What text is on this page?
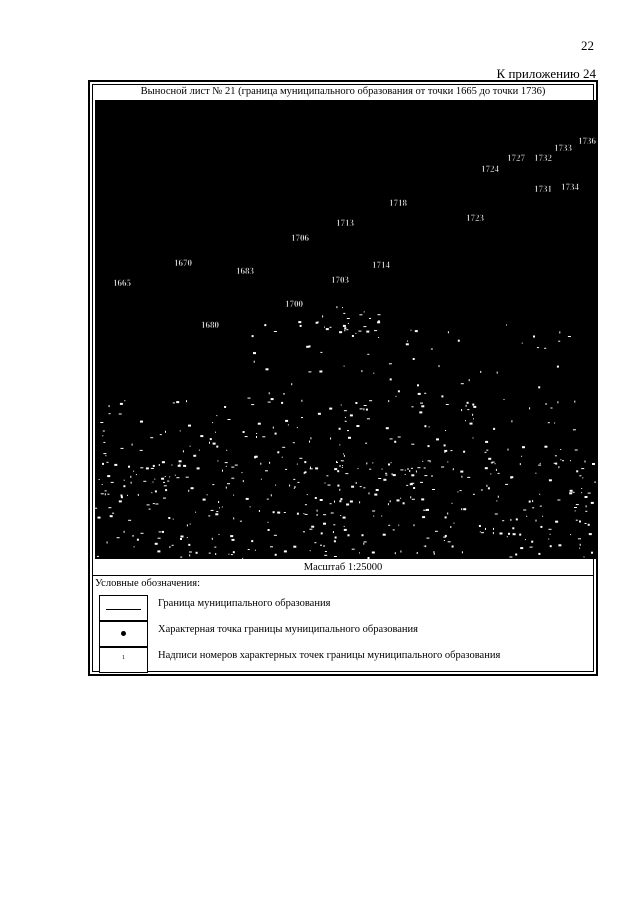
22
К приложению 24
Выносной лист № 21 (граница муниципального образования от точки 1665 до точки 1736)
1665
1670
1683
1680
1700
1703
1706
1713
1714
1718
1723
1724
1727 1732
1733
1731 1734
1736
Масштаб 1:25000
Условные обозначения:
Граница муниципального образования
Характерная точка границы муниципального образования
1	Надписи номеров характерных точек границы муниципального образования
